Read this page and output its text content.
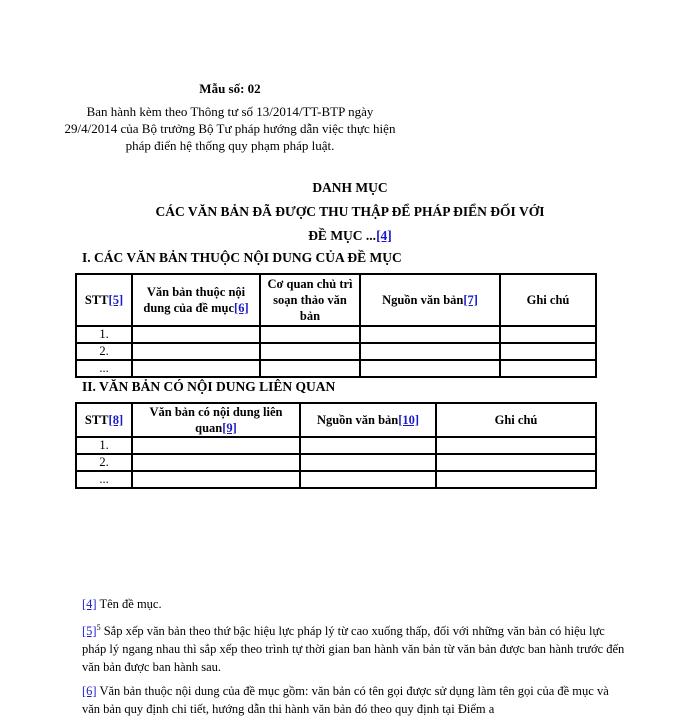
Mẫu số: 02
Ban hành kèm theo Thông tư số 13/2014/TT-BTP ngày 29/4/2014 của Bộ trưởng Bộ Tư pháp hướng dẫn việc thực hiện pháp điển hệ thống quy phạm pháp luật.
DANH MỤC
CÁC VĂN BẢN ĐÃ ĐƯỢC THU THẬP ĐỂ PHÁP ĐIỂN ĐỐI VỚI
ĐỀ MỤC ...[4]
I. CÁC VĂN BẢN THUỘC NỘI DUNG CỦA ĐỀ MỤC
STT[5]	Văn bản thuộc nội dung của đề mục[6]	Cơ quan chủ trì soạn thảo văn bản	Nguồn văn bản[7]	Ghi chú
1.				
2.				
...				
II. VĂN BẢN CÓ NỘI DUNG LIÊN QUAN
STT[8]	Văn bản có nội dung liên quan[9]	Nguồn văn bản[10]	Ghi chú
1.			
2.			
...			

[4] Tên đề mục.

$[5]^5$ Sắp xếp văn bản theo thứ bậc hiệu lực pháp lý từ cao xuống thấp, đối với những văn bản có hiệu lực pháp lý ngang nhau thì sắp xếp theo trình tự thời gian ban hành văn bản từ văn bản được ban hành trước đến văn bản được ban hành sau.

[6] Văn bản thuộc nội dung của đề mục gồm: văn bản có tên gọi được sử dụng làm tên gọi của đề mục và văn bản quy định chi tiết, hướng dẫn thi hành văn bản đó theo quy định tại Điểm a
